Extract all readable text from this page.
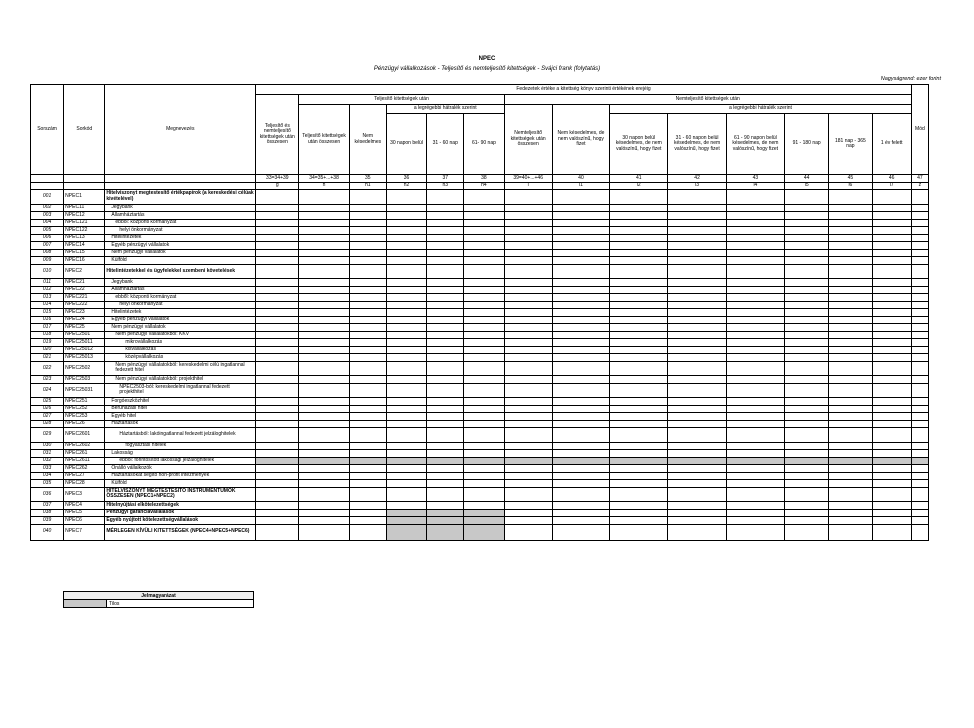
NPEC
Pénzügyi vállalkozások - Teljesítő és nemteljesítő kitettségek - Svájci frank (folytatás)
Nagyságrend: ezer forint
Sorszám	Sorkód	Megnevezés	Fedezetek értéke a kitettség könyv szerinti értékének erejéig														Mód
			Teljesítő és nemteljesítő kitettségek után összesen	Teljesítő kitettségek után					Nemteljesítő kitettségek után								
				Teljesítő kitettségek után összesen	Nem késedelmes	a legrégebbi hátralék szerint			Nemteljesítő kitettségek után összesen	Nem késedelmes, de nem valószínű, hogy fizet	a legrégebbi hátralék szerint						
						30 napon belül	31 - 60 nap	61- 90 nap			30 napon belül késedelmes, de nem valószínű, hogy fizet	31 - 60 napon belül késedelmes, de nem valószínű, hogy fizet	61 - 90 napon belül késedelmes, de nem valószínű, hogy fizet	91 - 180 nap	181 nap - 365 nap	1 év felett	
			33=34+39	34=35+...+38	35	36	37	38	39=40+...+46	40	41	42	43	44	45	46	47
			g	h	h1	h2	h3	h4	i	i1	i2	i3	i4	i5	i6	i7	z
001	NPEC1	Hitelviszonyt megtestesítő értékpapírok (a kereskedési célúak kivételével)															
002	NPEC11	Jegybank															
003	NPEC12	Államháztartás															
004	NPEC121	ebből: központi kormányzat															
005	NPEC122	helyi önkormányzat															
006	NPEC13	Hitelintézetek															
007	NPEC14	Egyéb pénzügyi vállalatok															
008	NPEC15	Nem pénzügyi vállalatok															
009	NPEC16	Külföld															
010	NPEC2	Hitelintézetekkel és ügyfelekkel szembeni követelések															
011	NPEC21	Jegybank															
012	NPEC22	Államháztartás															
013	NPEC221	ebből: központi kormányzat															
014	NPEC222	helyi önkormányzat															
015	NPEC23	Hitelintézetek															
016	NPEC24	Egyéb pénzügyi vállalatok															
017	NPEC25	Nem pénzügyi vállalatok															
018	NPEC2501	Nem pénzügyi vállalatokból: KKV															
019	NPEC25011	mikrovállalkozás															
020	NPEC25012	kisvállalkozás															
021	NPEC25013	középvállalkozás															
022	NPEC2502	Nem pénzügyi vállalatokból: kereskedelmi célú ingatlannal fedezett hitel															
023	NPEC2503	Nem pénzügyi vállalatokból: projekthitel															
024	NPEC25031	NPEC2503-ból: kereskedelmi ingatlannal fedezett projekthitel															
025	NPEC251	Forgóeszközhitel															
026	NPEC252	Beruházási hitel															
027	NPEC253	Egyéb hitel															
028	NPEC26	Háztartások															
029	NPEC2601	Háztartásból: lakóingatlannal fedezett jelzáloghitelek															
030	NPEC2602	fogyasztási hitelek															
031	NPEC261	Lakosság															
032	NPEC2611	ebből: forintosított lakossági jelzáloghitelek															
033	NPEC262	Önálló vállalkozók															
034	NPEC27	Háztartásokat segítő non-profit intézmények															
035	NPEC28	Külföld															
036	NPEC3	HITELVISZONYT MEGTESTESÍTŐ INSTRUMENTUMOK ÖSSZESEN (NPEC1+NPEC2)															
037	NPEC4	Hitelnyújtási elkötelezettségek															
038	NPEC5	Pénzügyi garanciavállalások															
039	NPEC6	Egyéb nyújtott kötelezettségvállalások															
040	NPEC7	MÉRLEGEN KÍVÜLI KITETTSÉGEK (NPEC4+NPEC5+NPEC6)															
Jelmagyarázat
	Tilos
